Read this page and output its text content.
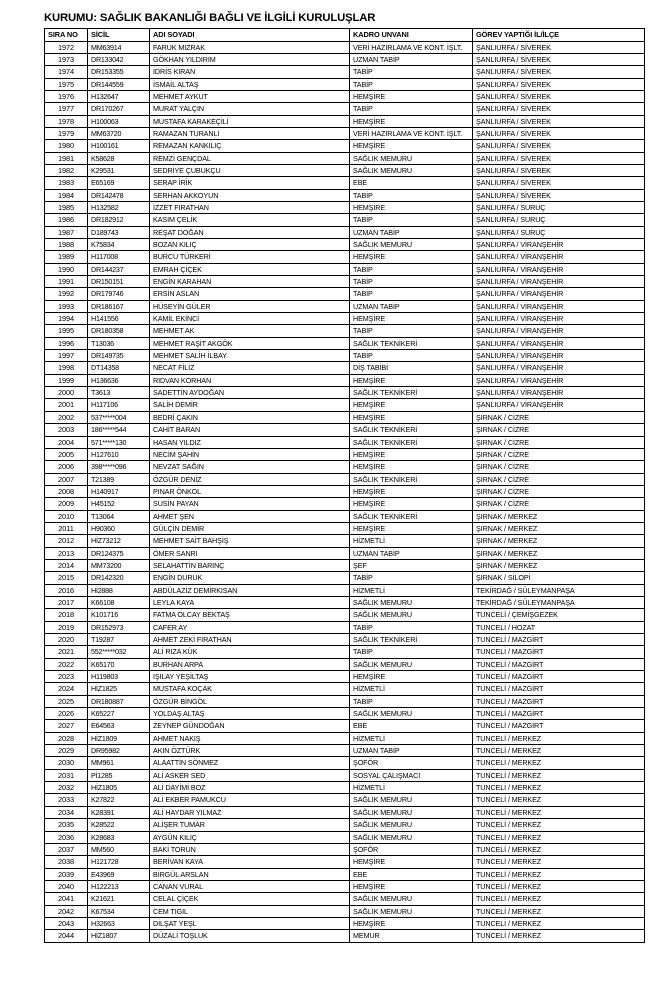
KURUMU: SAĞLIK BAKANLIĞI BAĞLI VE İLGİLİ KURULUŞLAR
SIRA NO	SİCİL	ADI SOYADI	KADRO UNVANI	GÖREV YAPTIĞI İL/İLÇE
1972	MM63914	FARUK MIZRAK	VERİ HAZIRLAMA VE KONT. İŞLT.	ŞANLIURFA / SİVEREK
1973	DR133042	GÖKHAN YILDIRIM	UZMAN TABİP	ŞANLIURFA / SİVEREK
1974	DR153355	İDRİS KIRAN	TABİP	ŞANLIURFA / SİVEREK
1975	DR144559	İSMAİL ALTAŞ	TABİP	ŞANLIURFA / SİVEREK
1976	H132647	MEHMET AYKUT	HEMŞİRE	ŞANLIURFA / SİVEREK
1977	DR170267	MURAT YALÇIN	TABİP	ŞANLIURFA / SİVEREK
1978	H100063	MUSTAFA KARAKEÇİLİ	HEMŞİRE	ŞANLIURFA / SİVEREK
1979	MM63720	RAMAZAN TURANLI	VERİ HAZIRLAMA VE KONT. İŞLT.	ŞANLIURFA / SİVEREK
1980	H100161	REMAZAN KANKILIÇ	HEMŞİRE	ŞANLIURFA / SİVEREK
1981	K58628	REMZİ GENÇDAL	SAĞLIK MEMURU	ŞANLIURFA / SİVEREK
1982	K29531	SEDRİYE ÇUBUKÇU	SAĞLIK MEMURU	ŞANLIURFA / SİVEREK
1983	E65169	SERAP İRİK	EBE	ŞANLIURFA / SİVEREK
1984	DR142478	SERHAN AKKOYUN	TABİP	ŞANLIURFA / SİVEREK
1985	H132582	İZZET FIRATHAN	HEMŞİRE	ŞANLIURFA / SURUÇ
1986	DR182912	KASIM ÇELİK	TABİP	ŞANLIURFA / SURUÇ
1987	D189743	REŞAT DOĞAN	UZMAN TABİP	ŞANLIURFA / SURUÇ
1988	K75834	BOZAN KILIÇ	SAĞLIK MEMURU	ŞANLIURFA / VİRANŞEHİR
1989	H117008	BURCU TÜRKERİ	HEMŞİRE	ŞANLIURFA / VİRANŞEHİR
1990	DR144237	EMRAH ÇİÇEK	TABİP	ŞANLIURFA / VİRANŞEHİR
1991	DR150151	ENGİN KARAHAN	TABİP	ŞANLIURFA / VİRANŞEHİR
1992	DR179746	ERSİN ASLAN	TABİP	ŞANLIURFA / VİRANŞEHİR
1993	DR186167	HÜSEYİN GÜLER	UZMAN TABİP	ŞANLIURFA / VİRANŞEHİR
1994	H141556	KAMİL EKİNCİ	HEMŞİRE	ŞANLIURFA / VİRANŞEHİR
1995	DR180358	MEHMET AK	TABİP	ŞANLIURFA / VİRANŞEHİR
1996	T13036	MEHMET RAŞİT AKGÖK	SAĞLIK TEKNİKERİ	ŞANLIURFA / VİRANŞEHİR
1997	DR149735	MEHMET SALİH İLBAY	TABİP	ŞANLIURFA / VİRANŞEHİR
1998	DT14358	NECAT FİLİZ	DİŞ TABİBİ	ŞANLIURFA / VİRANŞEHİR
1999	H136636	RIDVAN KORHAN	HEMŞİRE	ŞANLIURFA / VİRANŞEHİR
2000	T3613	SADETTİN AYDOĞAN	SAĞLIK TEKNİKERİ	ŞANLIURFA / VİRANŞEHİR
2001	H117106	SALİH DEMİR	HEMŞİRE	ŞANLIURFA / VİRANŞEHİR
2002	537*****004	BEDRİ ÇAKIN	HEMŞİRE	ŞIRNAK / CİZRE
2003	186*****544	CAHİT BARAN	SAĞLIK TEKNİKERİ	ŞIRNAK / CİZRE
2004	571*****130	HASAN YILDIZ	SAĞLIK TEKNİKERİ	ŞIRNAK / CİZRE
2005	H127610	NECİM ŞAHİN	HEMŞİRE	ŞIRNAK / CİZRE
2006	398*****096	NEVZAT SAĞIN	HEMŞİRE	ŞIRNAK / CİZRE
2007	T21389	ÖZGÜR DENİZ	SAĞLIK TEKNİKERİ	ŞIRNAK / CİZRE
2008	H140917	PINAR ÖNKOL	HEMŞİRE	ŞIRNAK / CİZRE
2009	H45152	SUSİN PAYAN	HEMŞİRE	ŞIRNAK / CİZRE
2010	T13064	AHMET ŞEN	SAĞLIK TEKNİKERİ	ŞIRNAK / MERKEZ
2011	H90360	GÜLÇİN DEMİR	HEMŞİRE	ŞIRNAK / MERKEZ
2012	HİZ73212	MEHMET SAİT BAHŞİŞ	HİZMETLİ	ŞIRNAK / MERKEZ
2013	DR124375	ÖMER SANRI	UZMAN TABİP	ŞIRNAK / MERKEZ
2014	MM73200	SELAHATTİN BARINÇ	ŞEF	ŞIRNAK / MERKEZ
2015	DR142320	ENGİN DURUK	TABİP	ŞIRNAK / SİLOPİ
2016	Hİ2888	ABDÜLAZİZ DEMİRKISAN	HİZMETLİ	TEKİRDAĞ / SÜLEYMANPAŞA
2017	K66108	LEYLA KAYA	SAĞLIK MEMURU	TEKİRDAĞ / SÜLEYMANPAŞA
2018	K101716	FATMA OLCAY BEKTAŞ	SAĞLIK MEMURU	TUNCELİ / ÇEMİŞGEZEK
2019	DR152973	CAFER AY	TABİP	TUNCELİ / HOZAT
2020	T19287	AHMET ZEKİ FIRATHAN	SAĞLIK TEKNİKERİ	TUNCELİ / MAZGİRT
2021	552*****032	ALİ RIZA KÜK	TABİP	TUNCELİ / MAZGİRT
2022	K65170	BURHAN ARPA	SAĞLIK MEMURU	TUNCELİ / MAZGİRT
2023	H119803	IŞILAY YEŞİLTAŞ	HEMŞİRE	TUNCELİ / MAZGİRT
2024	HİZ1825	MUSTAFA KOÇAK	HİZMETLİ	TUNCELİ / MAZGİRT
2025	DR180887	ÖZGÜR BİNGÖL	TABİP	TUNCELİ / MAZGİRT
2026	K65227	YOLDAŞ ALTAŞ	SAĞLIK MEMURU	TUNCELİ / MAZGİRT
2027	E64563	ZEYNEP GÜNDOĞAN	EBE	TUNCELİ / MAZGİRT
2028	HİZ1809	AHMET NAKIŞ	HİZMETLİ	TUNCELİ / MERKEZ
2029	DR95982	AKIN ÖZTÜRK	UZMAN TABİP	TUNCELİ / MERKEZ
2030	MM961	ALAATTİN SÖNMEZ	ŞOFÖR	TUNCELİ / MERKEZ
2031	Pİ1285	ALİ ASKER SED	SOSYAL ÇALIŞMACI	TUNCELİ / MERKEZ
2032	HİZ1805	ALİ DAYİMİ BOZ	HİZMETLİ	TUNCELİ / MERKEZ
2033	K27822	ALİ EKBER PAMUKCU	SAĞLIK MEMURU	TUNCELİ / MERKEZ
2034	K28391	ALİ HAYDAR YILMAZ	SAĞLIK MEMURU	TUNCELİ / MERKEZ
2035	K28522	ALİŞER TUMAR	SAĞLIK MEMURU	TUNCELİ / MERKEZ
2036	K28683	AYGÜN KILIÇ	SAĞLIK MEMURU	TUNCELİ / MERKEZ
2037	MM560	BAKİ TORUN	ŞOFÖR	TUNCELİ / MERKEZ
2038	H121728	BERİVAN KAYA	HEMŞİRE	TUNCELİ / MERKEZ
2039	E43969	BİRGÜL ARSLAN	EBE	TUNCELİ / MERKEZ
2040	H122213	CANAN VURAL	HEMŞİRE	TUNCELİ / MERKEZ
2041	K21621	CELAL ÇİÇEK	SAĞLIK MEMURU	TUNCELİ / MERKEZ
2042	K67534	CEM TIGIL	SAĞLIK MEMURU	TUNCELİ / MERKEZ
2043	H32663	DİLŞAT YEŞL	HEMŞİRE	TUNCELİ / MERKEZ
2044	HİZ1807	DÜZALİ TOŞLUK	MEMUR	TUNCELİ / MERKEZ
